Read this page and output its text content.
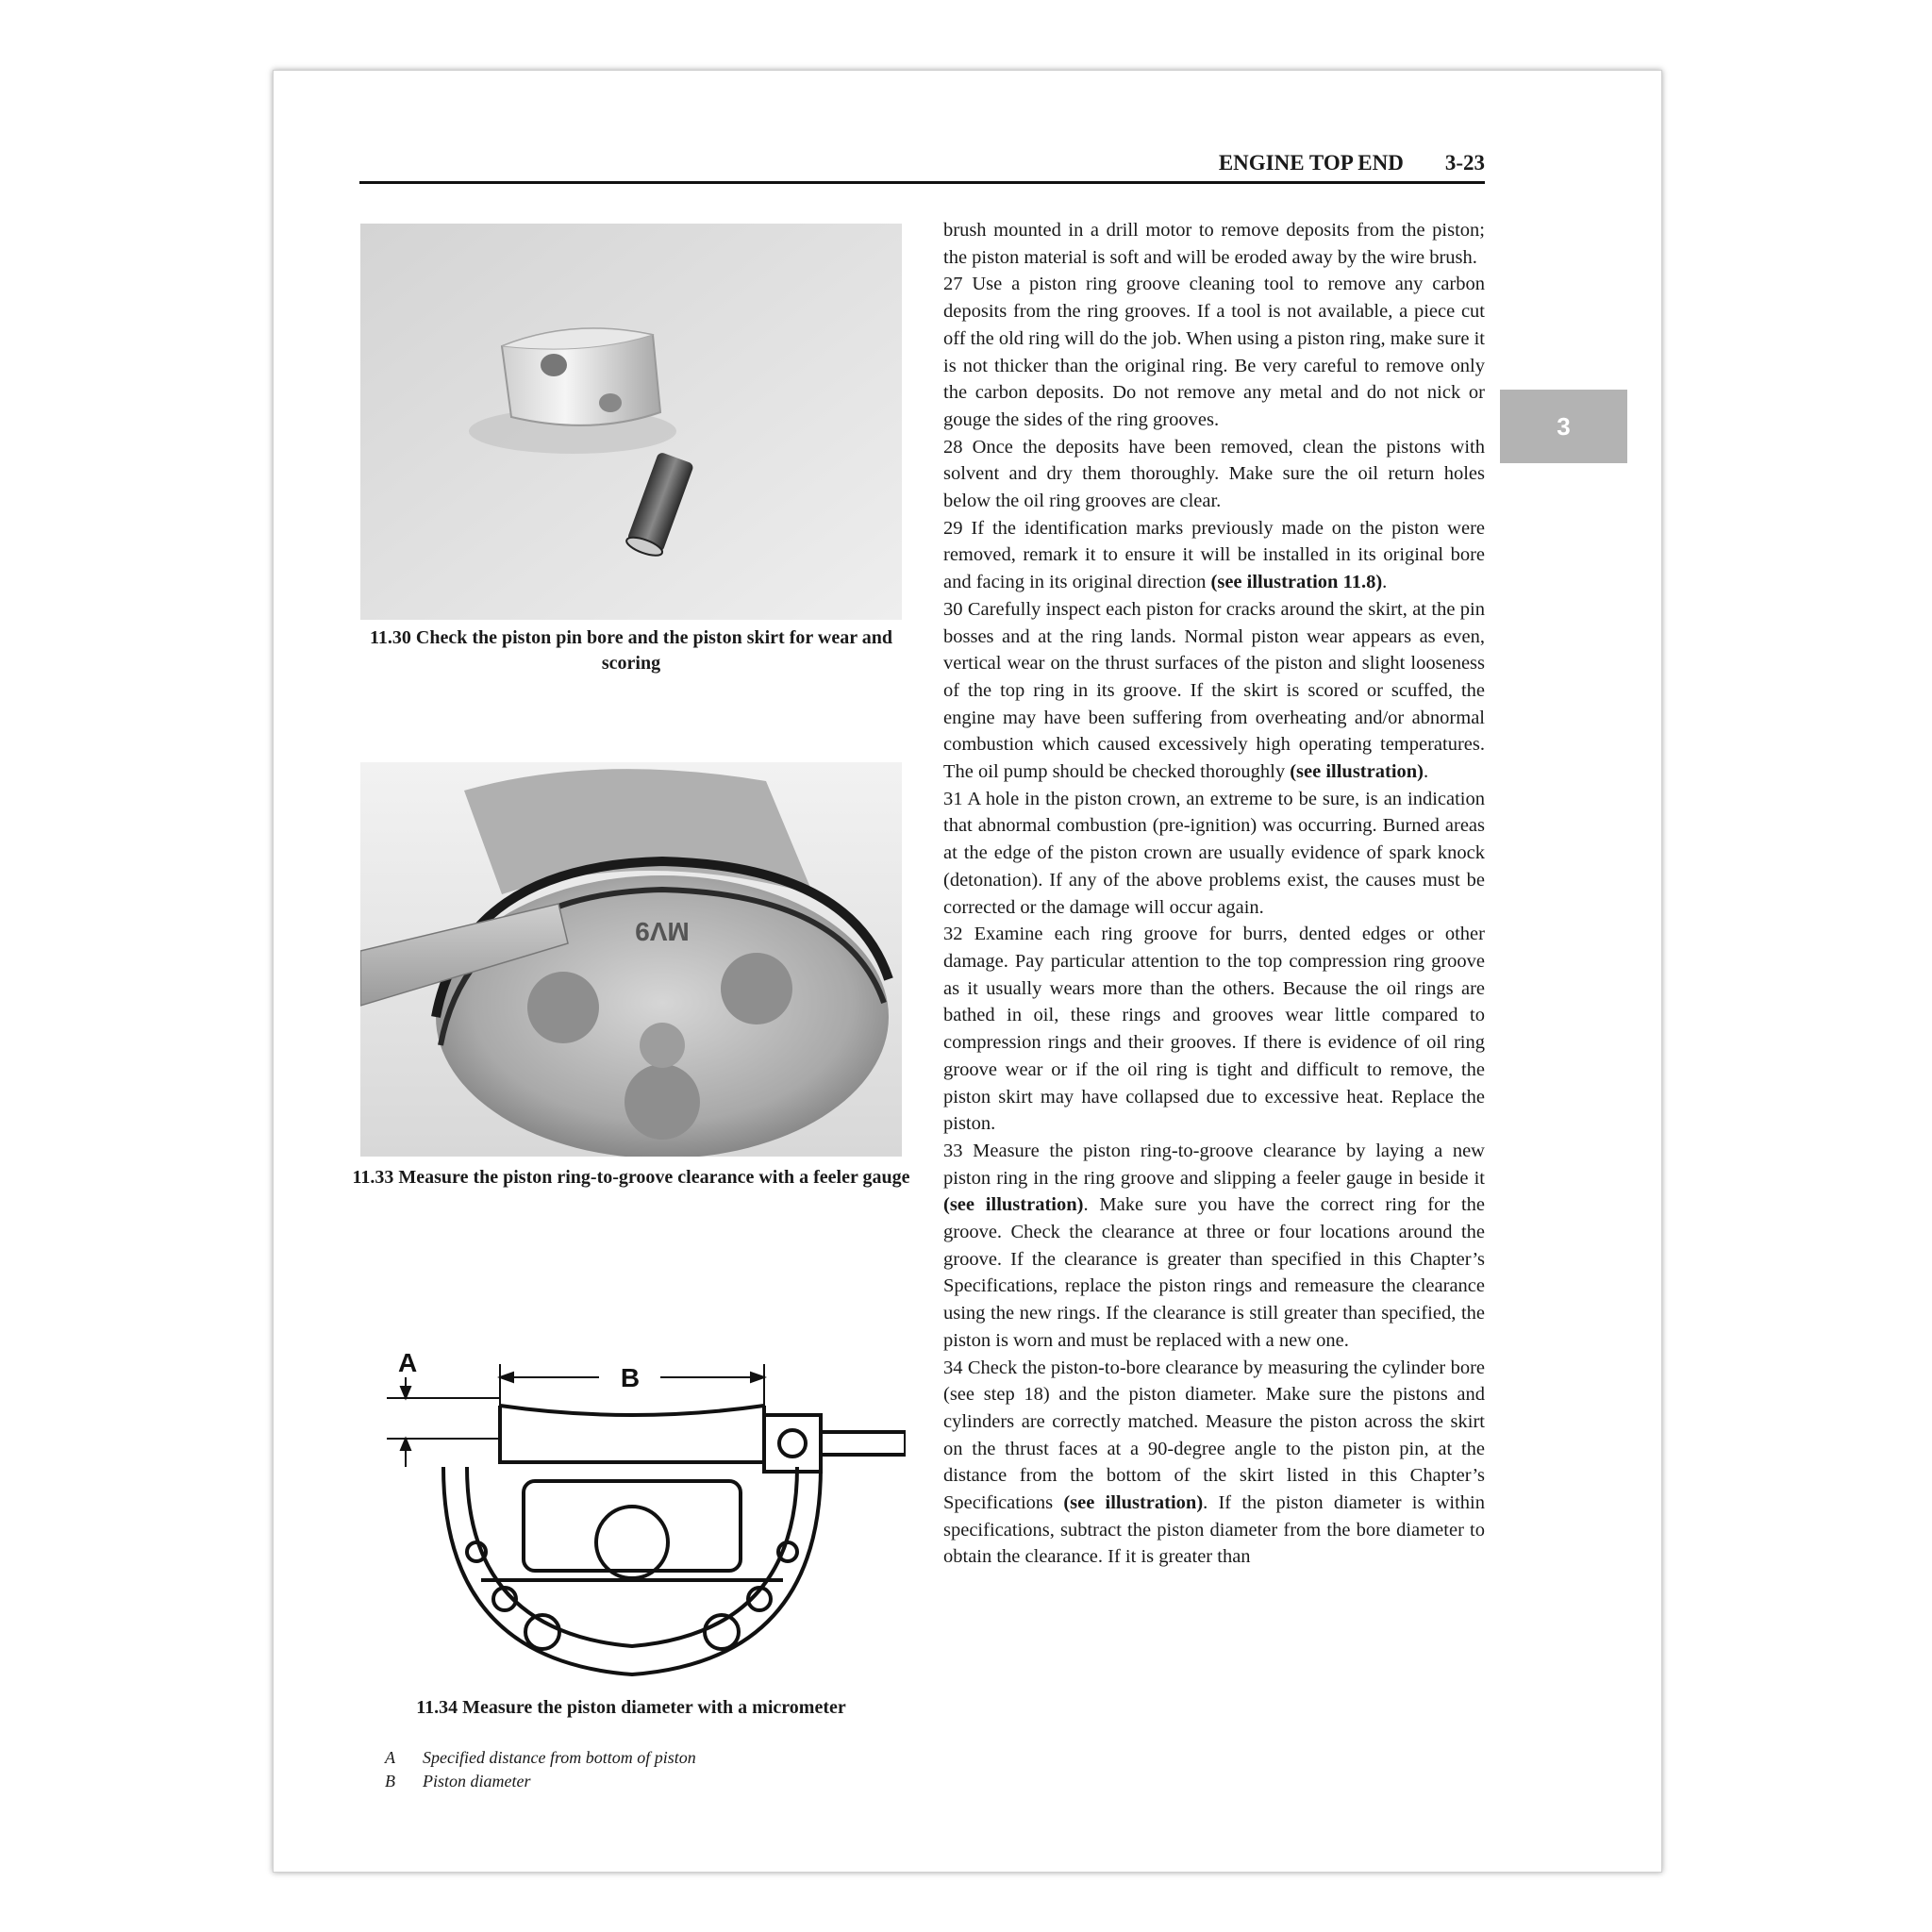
ENGINE TOP END 3-23
3
11.30 Check the piston pin bore and the piston skirt for wear and scoring
MV9
11.33 Measure the piston ring-to-groove clearance with a feeler gauge
A
B
11.34 Measure the piston diameter with a micrometer
A	Specified distance from bottom of piston
B	Piston diameter

brush mounted in a drill motor to remove deposits from the piston; the piston material is soft and will be eroded away by the wire brush.

27 Use a piston ring groove cleaning tool to remove any carbon deposits from the ring grooves. If a tool is not available, a piece cut off the old ring will do the job. When using a piston ring, make sure it is not thicker than the original ring. Be very careful to remove only the carbon deposits. Do not remove any metal and do not nick or gouge the sides of the ring grooves.

28 Once the deposits have been removed, clean the pistons with solvent and dry them thoroughly. Make sure the oil return holes below the oil ring grooves are clear.

29 If the identification marks previously made on the piston were removed, remark it to ensure it will be installed in its original bore and facing in its original direction (see illustration 11.8).

30 Carefully inspect each piston for cracks around the skirt, at the pin bosses and at the ring lands. Normal piston wear appears as even, vertical wear on the thrust surfaces of the piston and slight looseness of the top ring in its groove. If the skirt is scored or scuffed, the engine may have been suffering from overheating and/or abnormal combustion which caused excessively high operating temperatures. The oil pump should be checked thoroughly (see illustration).

31 A hole in the piston crown, an extreme to be sure, is an indication that abnormal combustion (pre-ignition) was occurring. Burned areas at the edge of the piston crown are usually evidence of spark knock (detonation). If any of the above problems exist, the causes must be corrected or the damage will occur again.

32 Examine each ring groove for burrs, dented edges or other damage. Pay particular attention to the top compression ring groove as it usually wears more than the others. Because the oil rings are bathed in oil, these rings and grooves wear little compared to compression rings and their grooves. If there is evidence of oil ring groove wear or if the oil ring is tight and difficult to remove, the piston skirt may have collapsed due to excessive heat. Replace the piston.

33 Measure the piston ring-to-groove clearance by laying a new piston ring in the ring groove and slipping a feeler gauge in beside it (see illustration). Make sure you have the correct ring for the groove. Check the clearance at three or four locations around the groove. If the clearance is greater than specified in this Chapter’s Specifications, replace the piston rings and remeasure the clearance using the new rings. If the clearance is still greater than specified, the piston is worn and must be replaced with a new one.

34 Check the piston-to-bore clearance by measuring the cylinder bore (see step 18) and the piston diameter. Make sure the pistons and cylinders are correctly matched. Measure the piston across the skirt on the thrust faces at a 90-degree angle to the piston pin, at the distance from the bottom of the skirt listed in this Chapter’s Specifications (see illustration). If the piston diameter is within specifications, subtract the piston diameter from the bore diameter to obtain the clearance. If it is greater than
